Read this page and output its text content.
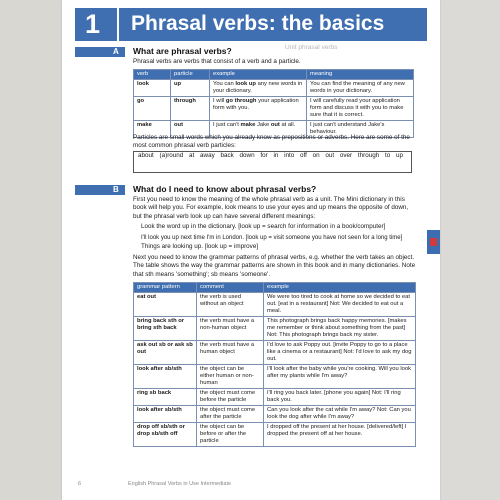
1 Phrasal verbs: the basics
A What are phrasal verbs?	Unit phrasal verbs
Phrasal verbs are verbs that consist of a verb and a particle.
verb	particle	example	meaning
look	up	You can look up any new words in your dictionary.	You can find the meaning of any new words in your dictionary.
go	through	I will go through your application form with you.	I will carefully read your application form and discuss it with you to make sure that it is correct.
make	out	I just can't make Jake out at all.	I just can't understand Jake's behaviour.
Particles are small words which you already know as prepositions or adverbs. Here are some of the most common phrasal verb particles:
about (a)round at away back down for in into off on out over through to up
B What do I need to know about phrasal verbs?
First you need to know the meaning of the whole phrasal verb as a unit. The Mini dictionary in this book will help you. For example, look means to use your eyes and up means the opposite of down, but the phrasal verb look up can have several different meanings:
Look the word up in the dictionary. [look up = search for information in a book/computer]
I'll look you up next time I'm in London. [look up = visit someone you have not seen for a long time]
Things are looking up. [look up = improve]
Next you need to know the grammar patterns of phrasal verbs, e.g. whether the verb takes an object. The table shows the way the grammar patterns are shown in this book and in many dictionaries. Note that sth means 'something'; sb means 'someone'.
grammar pattern	comment	example
eat out	the verb is used without an object	We were too tired to cook at home so we decided to eat out. [eat in a restaurant] Not: We decided to eat out a meal.
bring back sth or bring sth back	the verb must have a non-human object	This photograph brings back happy memories. [makes me remember or think about something from the past] Not: This photograph brings back my sister.
ask out sb or ask sb out	the verb must have a human object	I'd love to ask Poppy out. [invite Poppy to go to a place like a cinema or a restaurant] Not: I'd love to ask my dog out.
look after sb/sth	the object can be either human or non-human	I'll look after the baby while you're cooking. Will you look after my plants while I'm away?
ring sb back	the object must come before the particle	I'll ring you back later. [phone you again] Not: I'll ring back you.
look after sb/sth	the object must come after the particle	Can you look after the cat while I'm away? Not: Can you look the dog after while I'm away?
drop off sb/sth or drop sb/sth off	the object can be before or after the particle	I dropped off the present at her house. [delivered/left] I dropped the present off at her house.
6	English Phrasal Verbs in Use Intermediate
